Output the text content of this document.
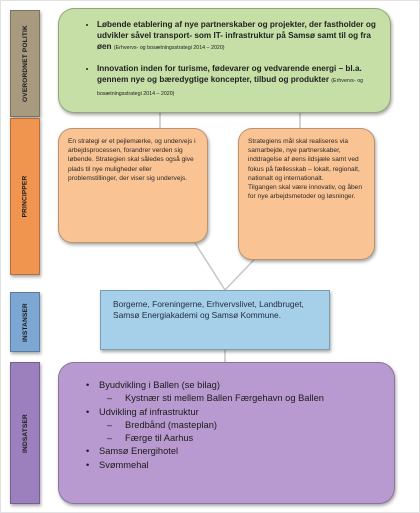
OVERORDNET POLITIK
PRINCIPPER
INSTANSER
INDSATSER
• Løbende etablering af nye partnerskaber og projekter, der fastholder og udvikler såvel transport- som IT- infrastruktur på Samsø samt til og fra øen (Erhvervs- og bosætningsstrategi 2014 – 2020)
• Innovation inden for turisme, fødevarer og vedvarende energi – bl.a. gennem nye og bæredygtige koncepter, tilbud og produkter (Erhvervs- og bosætningsstrategi 2014 – 2020)

En strategi er et pejlemærke, og undervejs i arbejdsprocessen, forandrer verden sig løbende. Strategien skal således også give plads til nye muligheder eller problemstillinger, der viser sig undervejs.

Strategiens mål skal realiseres via samarbejde, nye partnerskaber, inddragelse af øens ildsjæle samt ved fokus på fællesskab – lokalt, regionalt, nationalt og internationalt.

Tilgangen skal være innovativ, og åben for nye arbejdsmetoder og løsninger.

Borgerne, Foreningerne, Erhvervslivet, Landbruget, Samsø Energiakademi og Samsø Kommune.
• Byudvikling i Ballen (se bilag)
– Kystnær sti mellem Ballen Færgehavn og Ballen
• Udvikling af infrastruktur
– Bredbånd (masteplan)
– Færge til Aarhus
• Samsø Energihotel
• Svømmehal
